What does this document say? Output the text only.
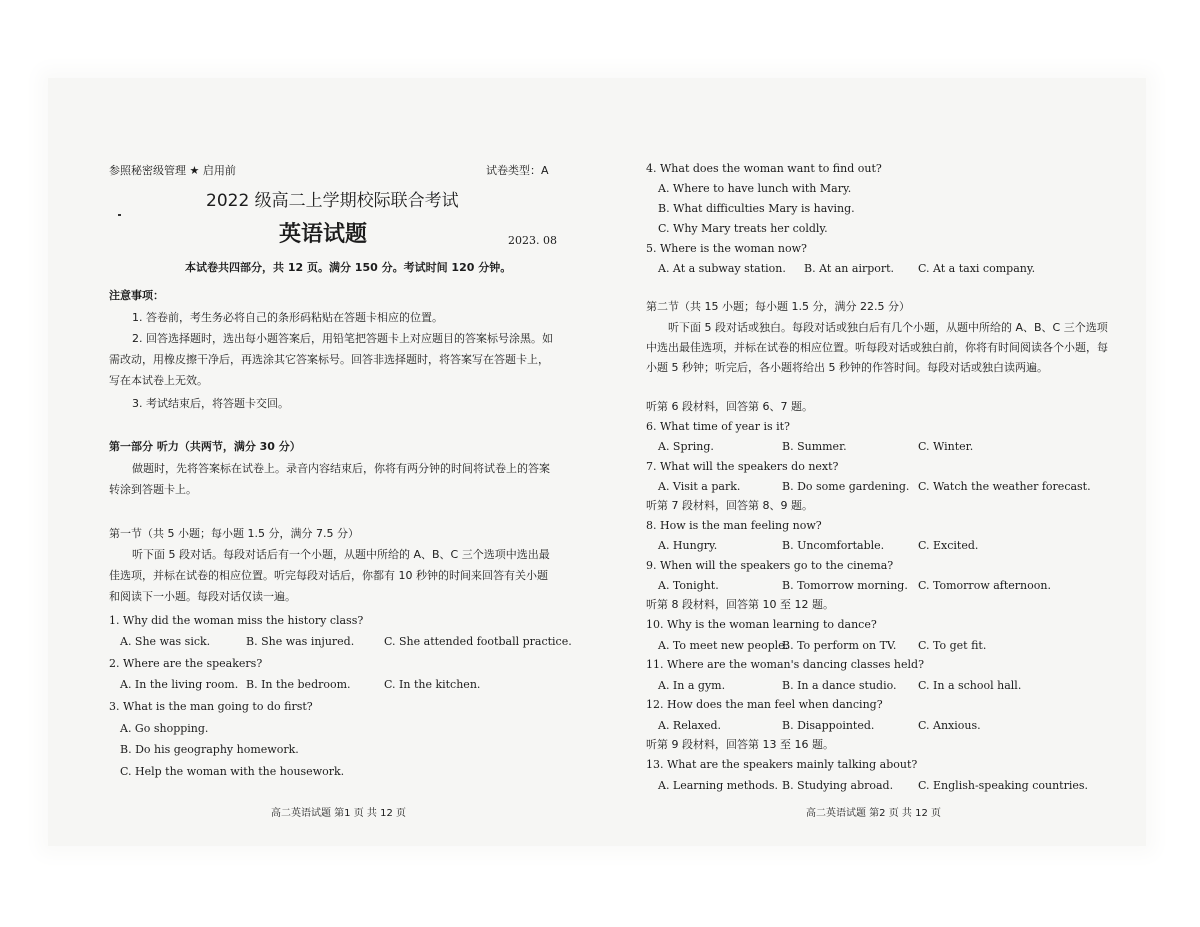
参照秘密级管理 ★ 启用前	试卷类型：A
2022 级高二上学期校际联合考试
英语试题	2023. 08
本试卷共四部分，共 12 页。满分 150 分。考试时间 120 分钟。
注意事项：
1. 答卷前，考生务必将自己的条形码粘贴在答题卡相应的位置。
2. 回答选择题时，选出每小题答案后，用铅笔把答题卡上对应题目的答案标号涂黑。如需改动，用橡皮擦干净后，再选涂其它答案标号。回答非选择题时，将答案写在答题卡上，写在本试卷上无效。
3. 考试结束后，将答题卡交回。
第一部分 听力（共两节，满分 30 分）
做题时，先将答案标在试卷上。录音内容结束后，你将有两分钟的时间将试卷上的答案转涂到答题卡上。
第一节（共 5 小题；每小题 1.5 分，满分 7.5 分）
听下面 5 段对话。每段对话后有一个小题，从题中所给的 A、B、C 三个选项中选出最佳选项，并标在试卷的相应位置。听完每段对话后，你都有 10 秒钟的时间来回答有关小题和阅读下一小题。每段对话仅读一遍。
1. Why did the woman miss the history class?
A. She was sick.	B. She was injured.	C. She attended football practice.
2. Where are the speakers?
A. In the living room. B. In the bedroom.	C. In the kitchen.
3. What is the man going to do first?
A. Go shopping.
B. Do his geography homework.
C. Help the woman with the housework.
高二英语试题 第1 页 共 12 页
4. What does the woman want to find out?
A. Where to have lunch with Mary.
B. What difficulties Mary is having.
C. Why Mary treats her coldly.
5. Where is the woman now?
A. At a subway station. B. At an airport. C. At a taxi company.
第二节（共 15 小题；每小题 1.5 分，满分 22.5 分）
听下面 5 段对话或独白。每段对话或独白后有几个小题，从题中所给的 A、B、C 三个选项中选出最佳选项，并标在试卷的相应位置。听每段对话或独白前，你将有时间阅读各个小题，每小题 5 秒钟；听完后，各小题将给出 5 秒钟的作答时间。每段对话或独白读两遍。
听第 6 段材料，回答第 6、7 题。
6. What time of year is it?
A. Spring.	B. Summer.	C. Winter.
7. What will the speakers do next?
A. Visit a park.	B. Do some gardening. C. Watch the weather forecast.
听第 7 段材料，回答第 8、9 题。
8. How is the man feeling now?
A. Hungry.	B. Uncomfortable.	C. Excited.
9. When will the speakers go to the cinema?
A. Tonight.	B. Tomorrow morning. C. Tomorrow afternoon.
听第 8 段材料，回答第 10 至 12 题。
10. Why is the woman learning to dance?
A. To meet new people.
B. To perform on TV. C. To get fit.
11. Where are the woman's dancing classes held?
A. In a gym.	B. In a dance studio. C. In a school hall.
12. How does the man feel when dancing?
A. Relaxed.	B. Disappointed.	C. Anxious.
听第 9 段材料，回答第 13 至 16 题。
13. What are the speakers mainly talking about?
A. Learning methods. B. Studying abroad. C. English-speaking countries.
高二英语试题 第2 页 共 12 页
